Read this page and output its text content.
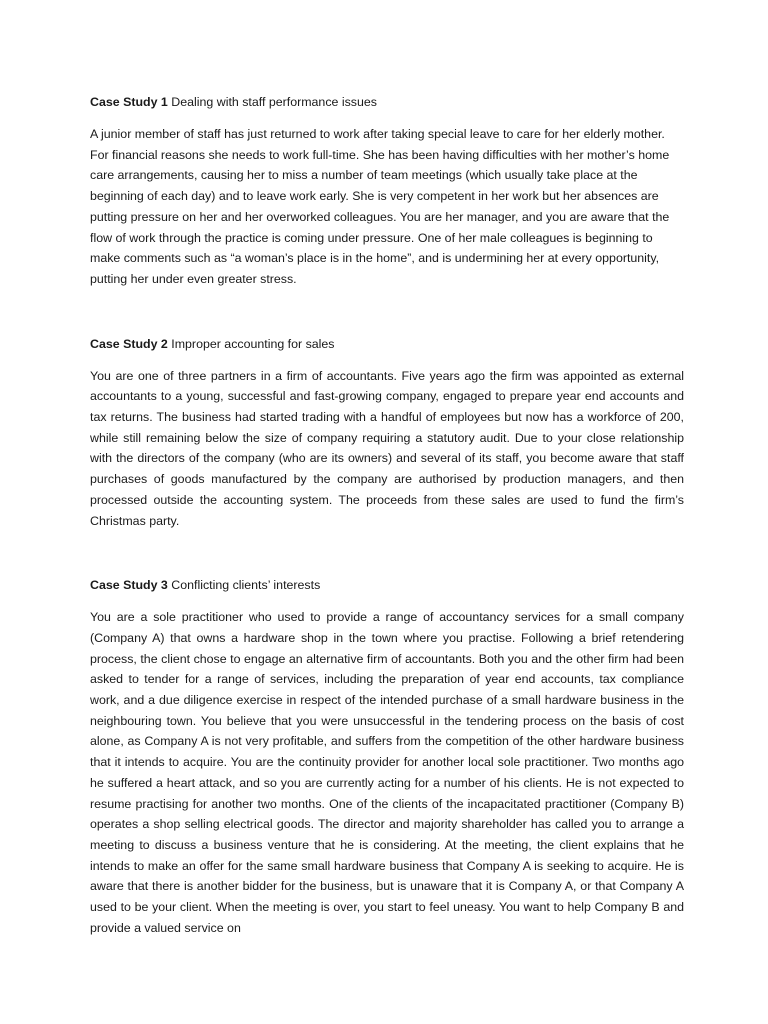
Case Study 1 Dealing with staff performance issues

A junior member of staff has just returned to work after taking special leave to care for her elderly mother. For financial reasons she needs to work full-time. She has been having difficulties with her mother’s home care arrangements, causing her to miss a number of team meetings (which usually take place at the beginning of each day) and to leave work early. She is very competent in her work but her absences are putting pressure on her and her overworked colleagues. You are her manager, and you are aware that the flow of work through the practice is coming under pressure. One of her male colleagues is beginning to make comments such as “a woman’s place is in the home”, and is undermining her at every opportunity, putting her under even greater stress.

Case Study 2 Improper accounting for sales

You are one of three partners in a firm of accountants. Five years ago the firm was appointed as external accountants to a young, successful and fast-growing company, engaged to prepare year end accounts and tax returns. The business had started trading with a handful of employees but now has a workforce of 200, while still remaining below the size of company requiring a statutory audit. Due to your close relationship with the directors of the company (who are its owners) and several of its staff, you become aware that staff purchases of goods manufactured by the company are authorised by production managers, and then processed outside the accounting system. The proceeds from these sales are used to fund the firm’s Christmas party.

Case Study 3 Conflicting clients’ interests

You are a sole practitioner who used to provide a range of accountancy services for a small company (Company A) that owns a hardware shop in the town where you practise. Following a brief retendering process, the client chose to engage an alternative firm of accountants. Both you and the other firm had been asked to tender for a range of services, including the preparation of year end accounts, tax compliance work, and a due diligence exercise in respect of the intended purchase of a small hardware business in the neighbouring town. You believe that you were unsuccessful in the tendering process on the basis of cost alone, as Company A is not very profitable, and suffers from the competition of the other hardware business that it intends to acquire. You are the continuity provider for another local sole practitioner. Two months ago he suffered a heart attack, and so you are currently acting for a number of his clients. He is not expected to resume practising for another two months. One of the clients of the incapacitated practitioner (Company B) operates a shop selling electrical goods. The director and majority shareholder has called you to arrange a meeting to discuss a business venture that he is considering. At the meeting, the client explains that he intends to make an offer for the same small hardware business that Company A is seeking to acquire. He is aware that there is another bidder for the business, but is unaware that it is Company A, or that Company A used to be your client. When the meeting is over, you start to feel uneasy. You want to help Company B and provide a valued service on
